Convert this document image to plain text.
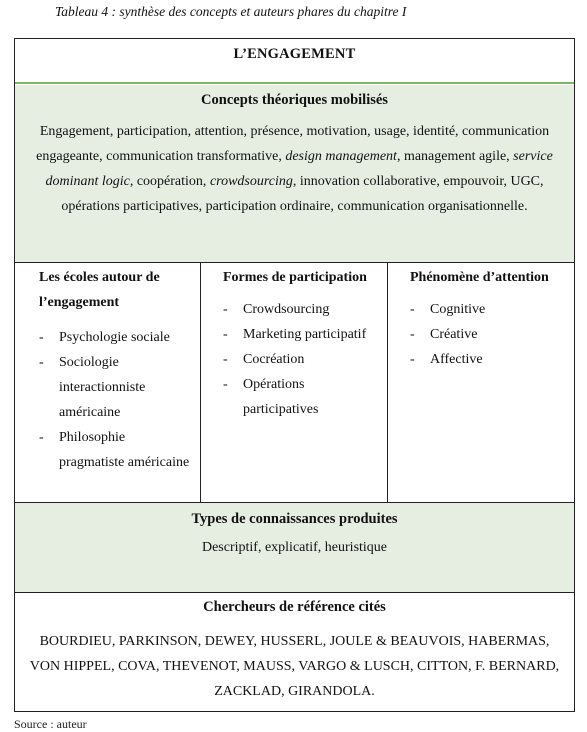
Tableau 4 : synthèse des concepts et auteurs phares du chapitre I
L’ENGAGEMENT
Concepts théoriques mobilisés
Engagement, participation, attention, présence, motivation, usage, identité, communication engageante, communication transformative, design management, management agile, service dominant logic, coopération, crowdsourcing, innovation collaborative, empouvoir, UGC, opérations participatives, participation ordinaire, communication organisationnelle.
Les écoles autour de l’engagement
- Psychologie sociale
- Sociologie interactionniste américaine
- Philosophie pragmatiste américaine
Formes de participation
- Crowdsourcing
- Marketing participatif
- Cocréation
- Opérations participatives
Phénomène d’attention
- Cognitive
- Créative
- Affective
Types de connaissances produites
Descriptif, explicatif, heuristique
Chercheurs de référence cités
BOURDIEU, PARKINSON, DEWEY, HUSSERL, JOULE & BEAUVOIS, HABERMAS, VON HIPPEL, COVA, THEVENOT, MAUSS, VARGO & LUSCH, CITTON, F. BERNARD, ZACKLAD, GIRANDOLA.
Source : auteur
